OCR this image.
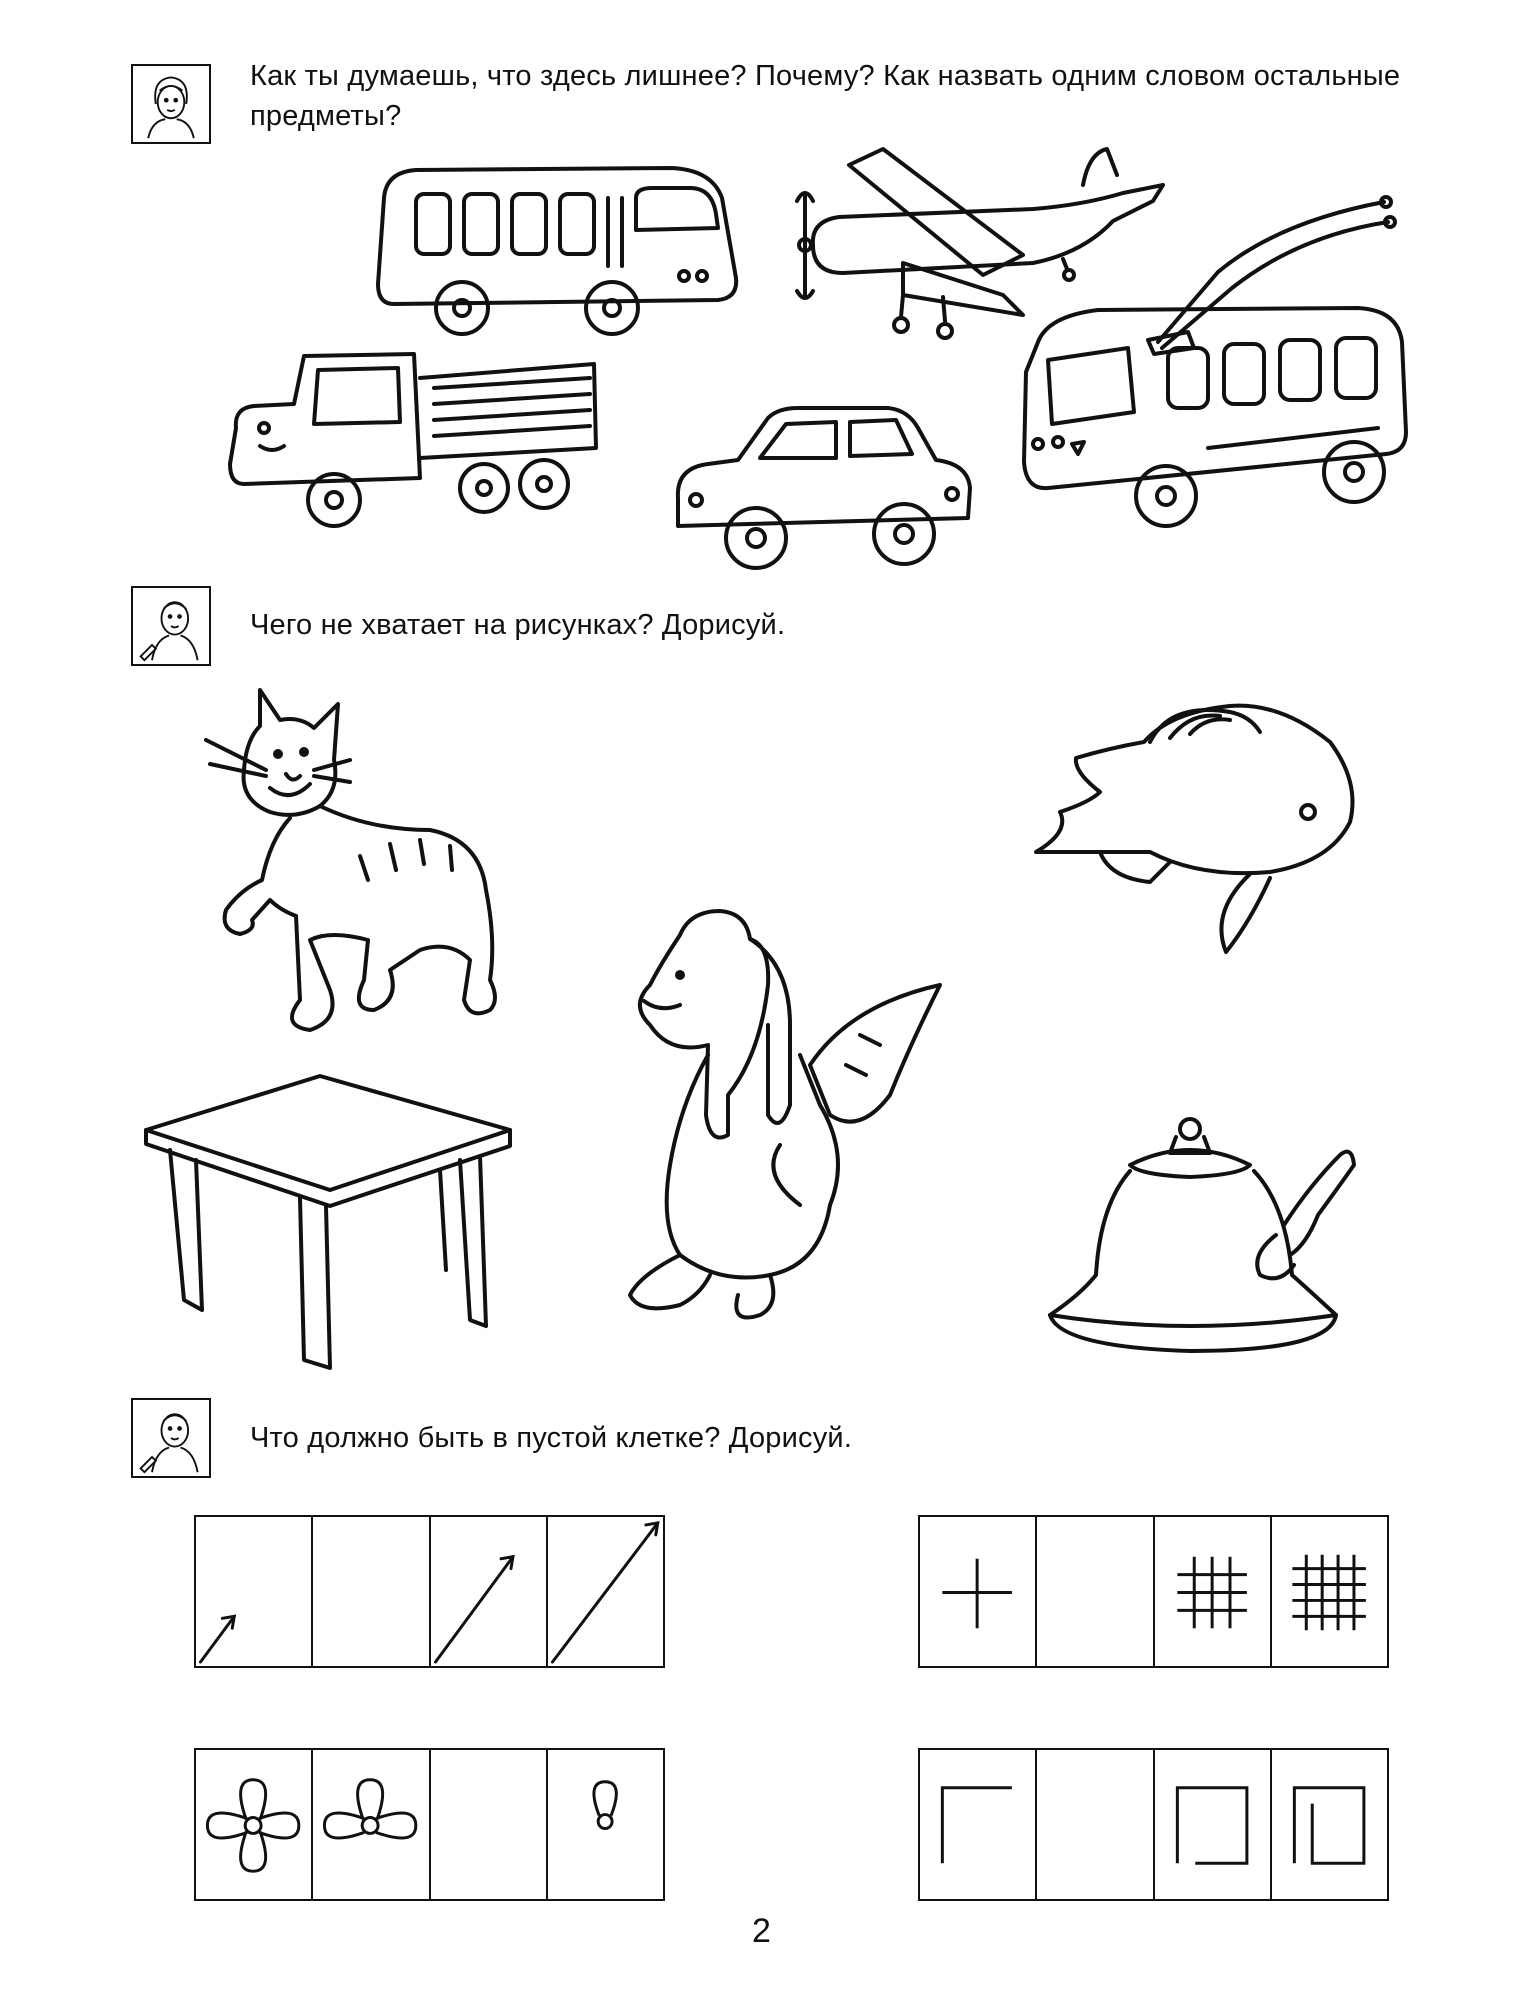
Как ты думаешь, что здесь лишнее? Почему? Как назвать одним словом остальные предметы?
Чего не хватает на рисунках? Дорисуй.
Что должно быть в пустой клетке? Дорисуй.
2
